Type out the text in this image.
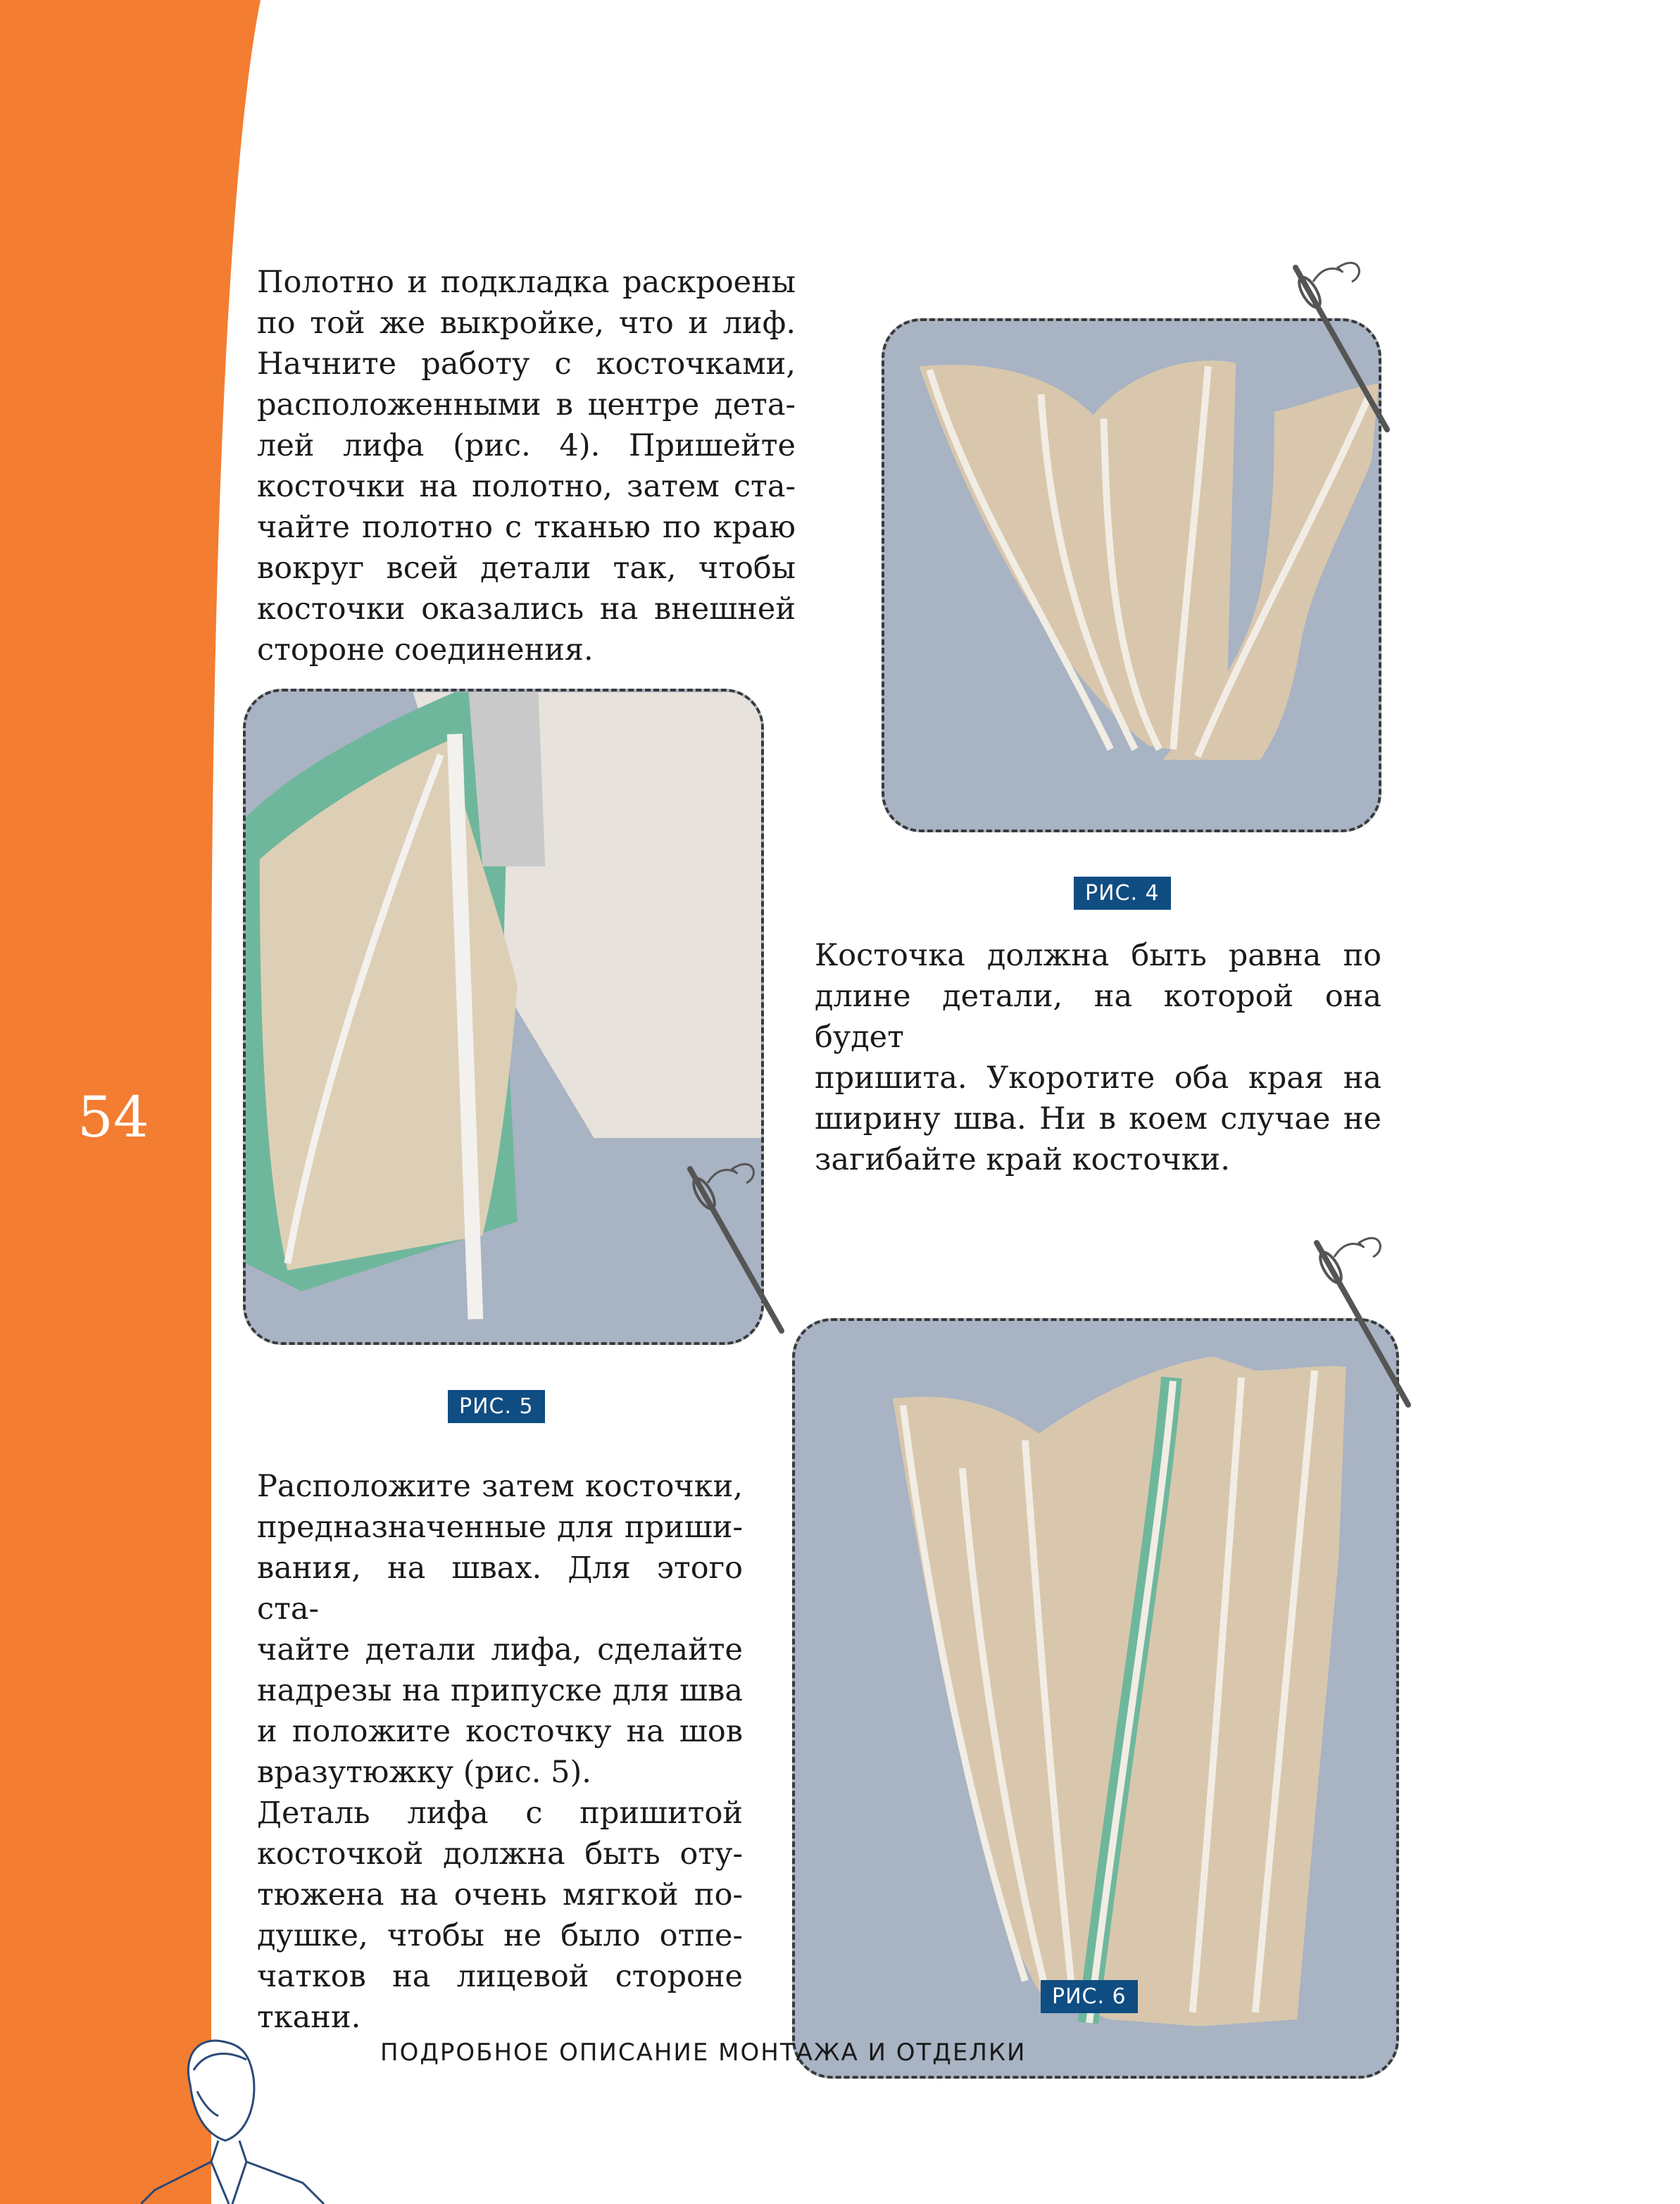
54
Полотно и подкладка раскроены
по той же выкройке, что и лиф.
Начните работу с косточками,
расположенными в центре дета-
лей лифа (рис. 4). Пришейте
косточки на полотно, затем ста-
чайте полотно с тканью по краю
вокруг всей детали так, чтобы
косточки оказались на внешней
стороне соединения.
РИС. 4
Косточка должна быть равна по
длине детали, на которой она будет
пришита. Укоротите оба края на
ширину шва. Ни в коем случае не
загибайте край косточки.
РИС. 5
Расположите затем косточки,
предназначенные для приши-
вания, на швах. Для этого ста-
чайте детали лифа, сделайте
надрезы на припуске для шва
и положите косточку на шов
вразутюжку (рис. 5).
Деталь лифа с пришитой
косточкой должна быть оту-
тюжена на очень мягкой по-
душке, чтобы не было отпе-
чатков на лицевой стороне
ткани.
РИС. 6
ПОДРОБНОЕ ОПИСАНИЕ МОНТАЖА И ОТДЕЛКИ
